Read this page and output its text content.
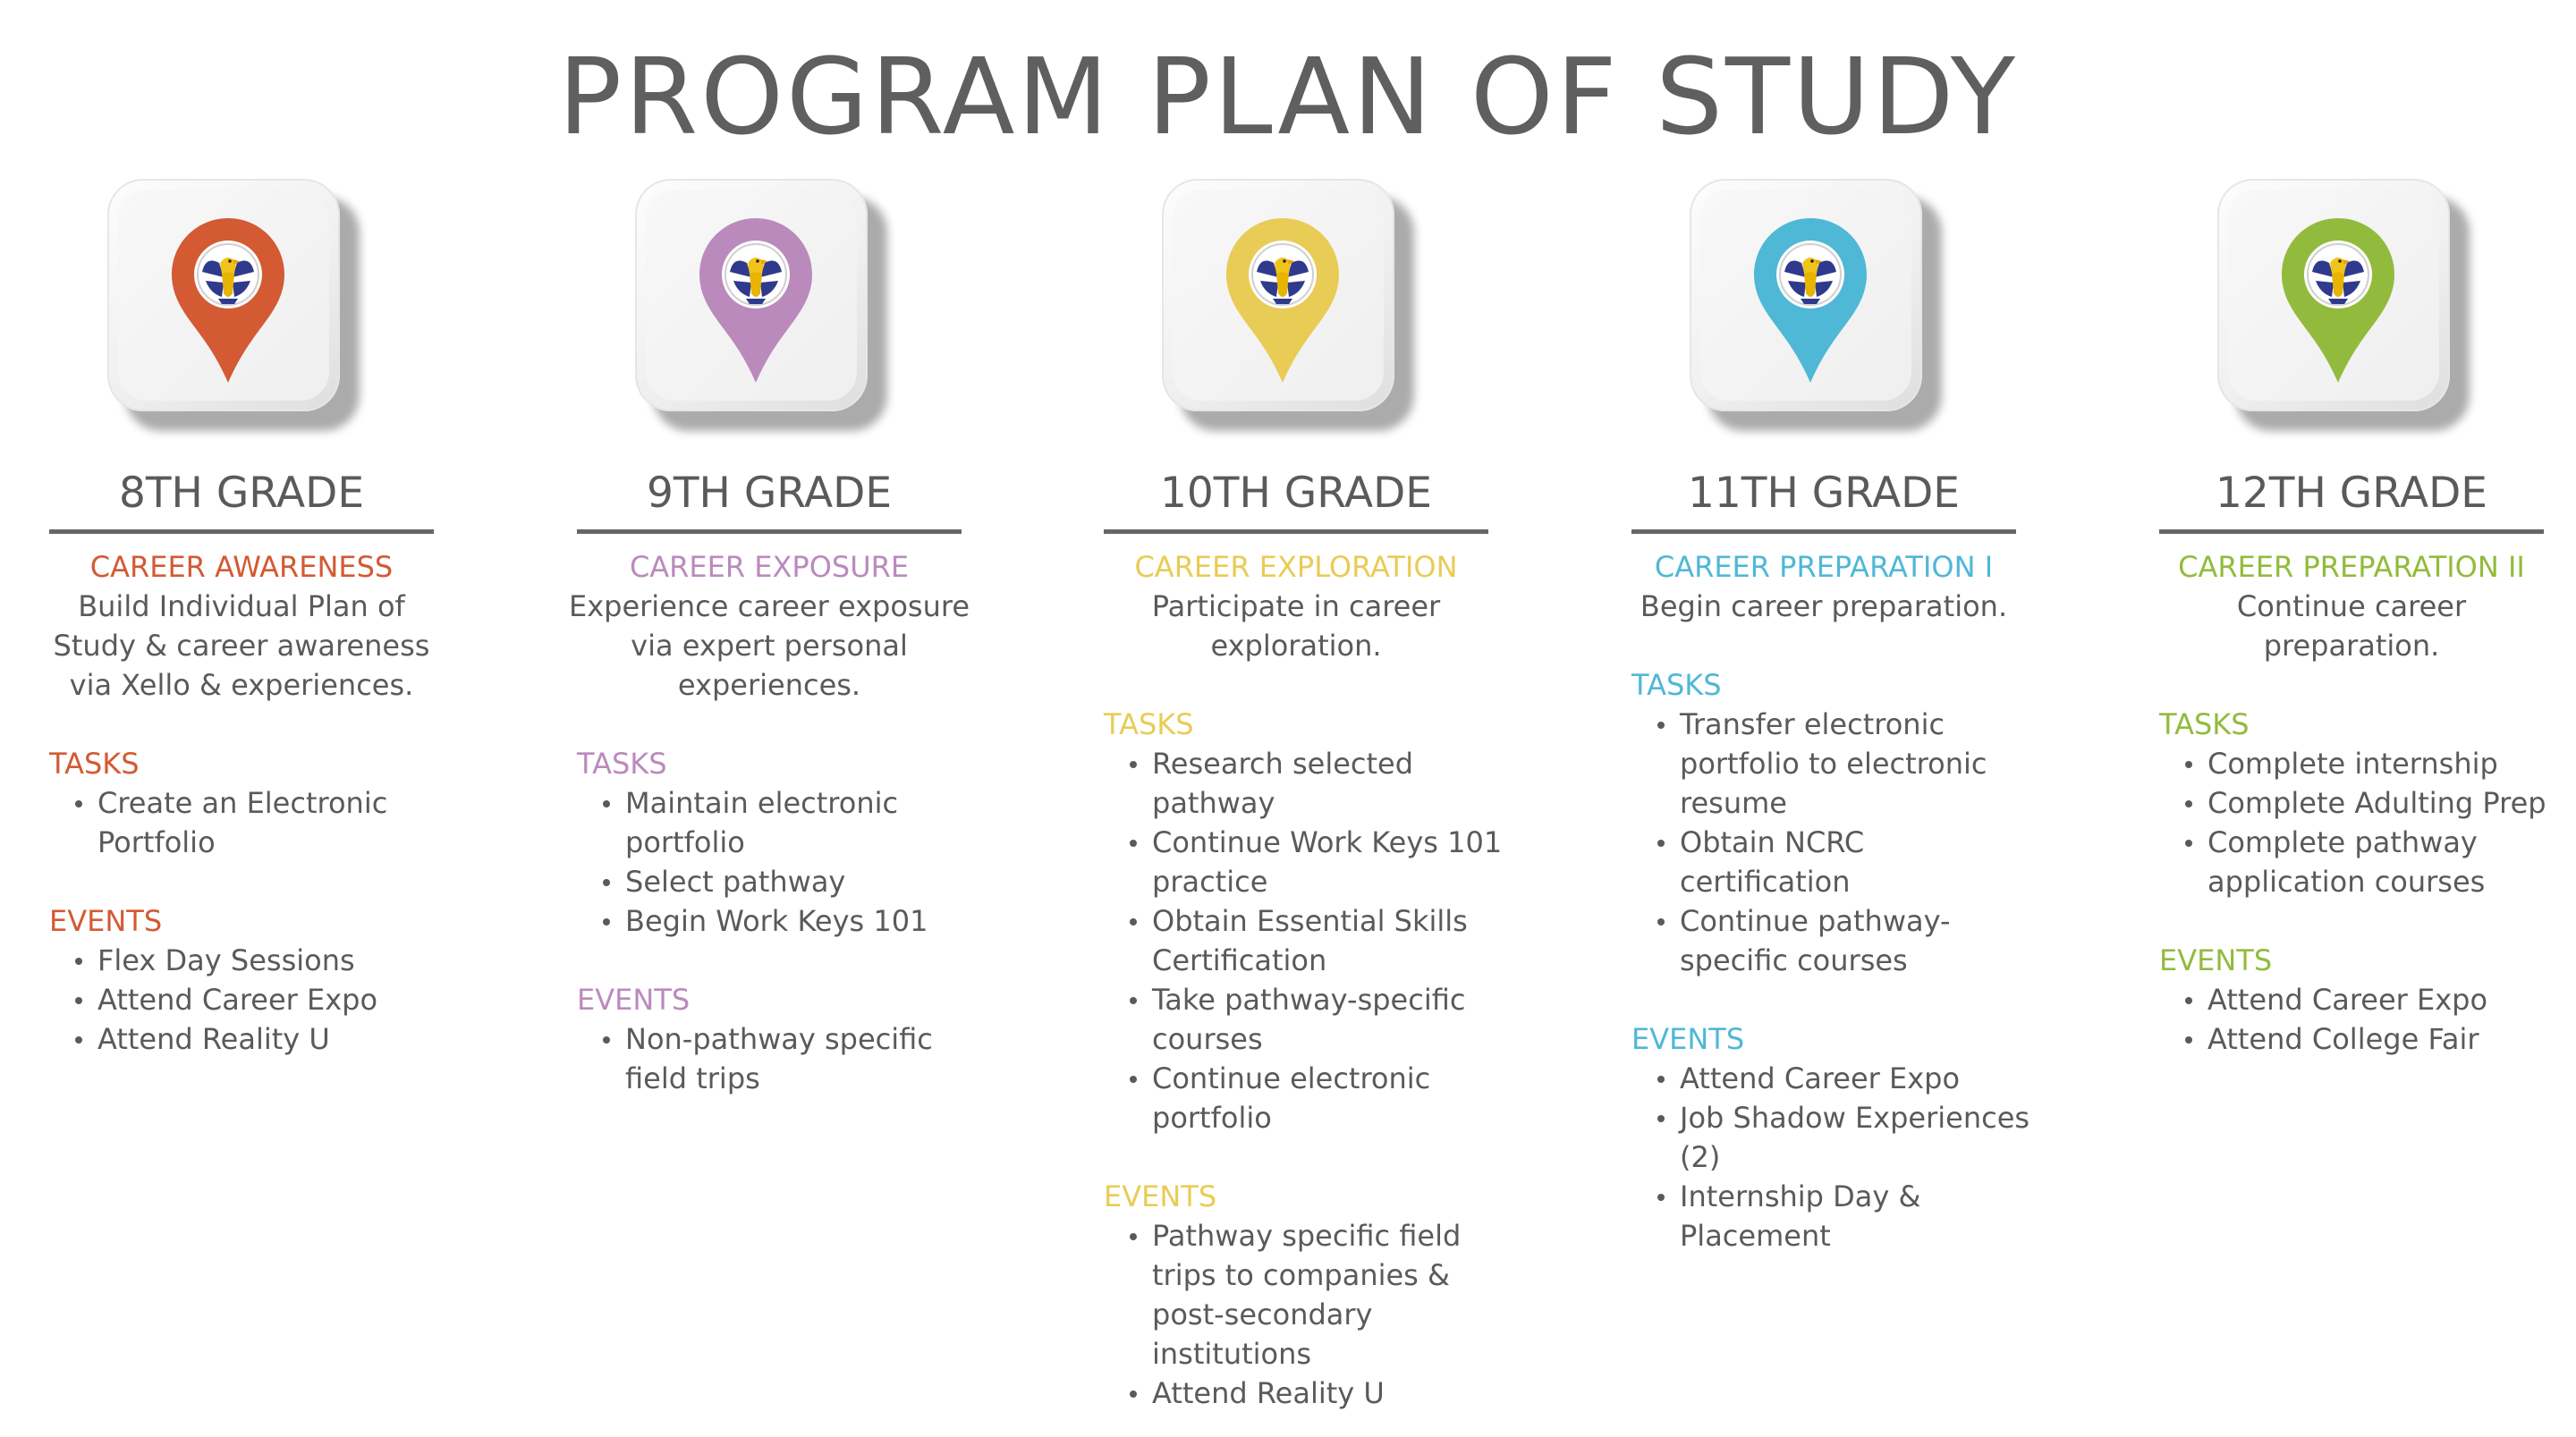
PROGRAM PLAN OF STUDY
8TH GRADE
CAREER AWARENESS
Build Individual Plan of Study & career awareness via Xello & experiences.
TASKS
Create an Electronic Portfolio
EVENTS
Flex Day Sessions
Attend Career Expo
Attend Reality U
9TH GRADE
CAREER EXPOSURE
Experience career exposure via expert personal experiences.
TASKS
Maintain electronic portfolio
Select pathway
Begin Work Keys 101
EVENTS
Non-pathway specific field trips
10TH GRADE
CAREER EXPLORATION
Participate in career exploration.
TASKS
Research selected pathway
Continue Work Keys 101 practice
Obtain Essential Skills Certification
Take pathway-specific courses
Continue electronic portfolio
EVENTS
Pathway specific field trips to companies & post-secondary institutions
Attend Reality U
11TH GRADE
CAREER PREPARATION I
Begin career preparation.
TASKS
Transfer electronic portfolio to electronic resume
Obtain NCRC certification
Continue pathway-specific courses
EVENTS
Attend Career Expo
Job Shadow Experiences (2)
Internship Day & Placement
12TH GRADE
CAREER PREPARATION II
Continue career preparation.
TASKS
Complete internship
Complete Adulting Prep
Complete pathway application courses
EVENTS
Attend Career Expo
Attend College Fair
